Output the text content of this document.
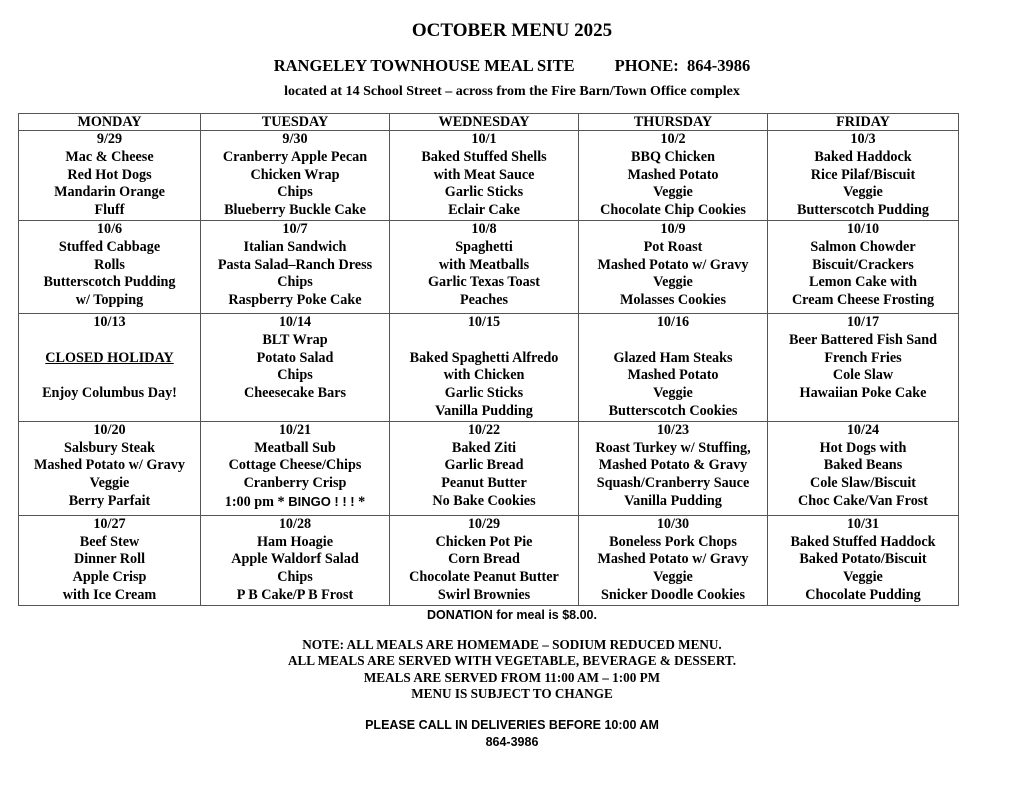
OCTOBER MENU 2025
RANGELEY TOWNHOUSE MEAL SITE PHONE:  864-3986
located at 14 School Street – across from the Fire Barn/Town Office complex
MONDAY	TUESDAY	WEDNESDAY	THURSDAY	FRIDAY

9/29
Mac & Cheese
Red Hot Dogs
Mandarin Orange
Fluff	9/30
Cranberry Apple Pecan
Chicken Wrap
Chips
Blueberry Buckle Cake	10/1
Baked Stuffed Shells
with Meat Sauce
Garlic Sticks
Eclair Cake	10/2
BBQ Chicken
Mashed Potato
Veggie
Chocolate Chip Cookies	10/3
Baked Haddock
Rice Pilaf/Biscuit
Veggie
Butterscotch Pudding

10/6
Stuffed Cabbage
Rolls
Butterscotch Pudding
w/ Topping	10/7
Italian Sandwich
Pasta Salad–Ranch Dress
Chips
Raspberry Poke Cake	10/8
Spaghetti
with Meatballs
Garlic Texas Toast
Peaches	10/9
Pot Roast
Mashed Potato w/ Gravy
Veggie
Molasses Cookies	10/10
Salmon Chowder
Biscuit/Crackers
Lemon Cake with
Cream Cheese Frosting

10/13
CLOSED HOLIDAY
Enjoy Columbus Day!	10/14
BLT Wrap
Potato Salad
Chips
Cheesecake Bars	10/15
Baked Spaghetti Alfredo
with Chicken
Garlic Sticks
Vanilla Pudding	10/16
Glazed Ham Steaks
Mashed Potato
Veggie
Butterscotch Cookies	10/17
Beer Battered Fish Sand
French Fries
Cole Slaw
Hawaiian Poke Cake

10/20
Salsbury Steak
Mashed Potato w/ Gravy
Veggie
Berry Parfait	10/21
Meatball Sub
Cottage Cheese/Chips
Cranberry Crisp
1:00 pm * BINGO ! ! ! *	10/22
Baked Ziti
Garlic Bread
Peanut Butter
No Bake Cookies	10/23
Roast Turkey w/ Stuffing,
Mashed Potato & Gravy
Squash/Cranberry Sauce
Vanilla Pudding	10/24
Hot Dogs with
Baked Beans
Cole Slaw/Biscuit
Choc Cake/Van Frost

10/27
Beef Stew
Dinner Roll
Apple Crisp
with Ice Cream	10/28
Ham Hoagie
Apple Waldorf Salad
Chips
P B Cake/P B Frost	10/29
Chicken Pot Pie
Corn Bread
Chocolate Peanut Butter
Swirl Brownies	10/30
Boneless Pork Chops
Mashed Potato w/ Gravy
Veggie
Snicker Doodle Cookies	10/31
Baked Stuffed Haddock
Baked Potato/Biscuit
Veggie
Chocolate Pudding
DONATION for meal is $8.00.
NOTE: ALL MEALS ARE HOMEMADE – SODIUM REDUCED MENU.
ALL MEALS ARE SERVED WITH VEGETABLE, BEVERAGE & DESSERT.
MEALS ARE SERVED FROM 11:00 AM – 1:00 PM
MENU IS SUBJECT TO CHANGE
PLEASE CALL IN DELIVERIES BEFORE 10:00 AM
864-3986
